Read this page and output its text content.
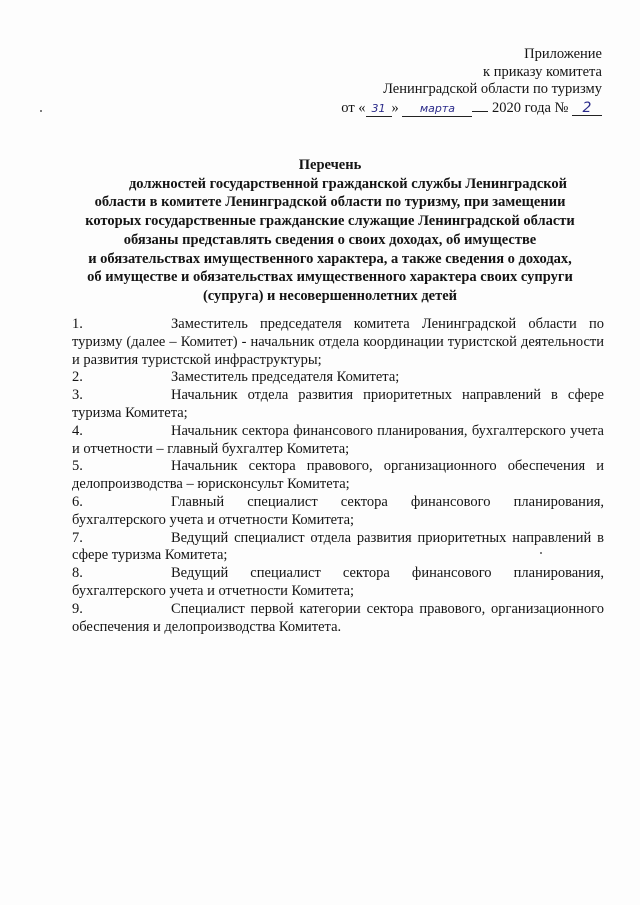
Приложение
к приказу комитета
Ленинградской области по туризму
от « 31 » марта	2020 года № 2
Перечень
должностей государственной гражданской службы Ленинградской
области в комитете Ленинградской области по туризму, при замещении
которых государственные гражданские служащие Ленинградской области
обязаны представлять сведения о своих доходах, об имуществе
и обязательствах имущественного характера, а также сведения о доходах,
об имуществе и обязательствах имущественного характера своих супруги
(супруга) и несовершеннолетних детей

1.	Заместитель председателя комитета Ленинградской области по туризму (далее – Комитет) - начальник отдела координации туристской деятельности и развития туристской инфраструктуры;

2.	Заместитель председателя Комитета;

3.	Начальник отдела развития приоритетных направлений в сфере туризма Комитета;

4.	Начальник сектора финансового планирования, бухгалтерского учета и отчетности – главный бухгалтер Комитета;

5.	Начальник сектора правового, организационного обеспечения и делопроизводства – юрисконсульт Комитета;

6.	Главный специалист сектора финансового планирования, бухгалтерского учета и отчетности Комитета;

7.	Ведущий специалист отдела развития приоритетных направлений в сфере туризма Комитета;

8.	Ведущий специалист сектора финансового планирования, бухгалтерского учета и отчетности Комитета;

9.	Специалист первой категории сектора правового, организационного обеспечения и делопроизводства Комитета.
